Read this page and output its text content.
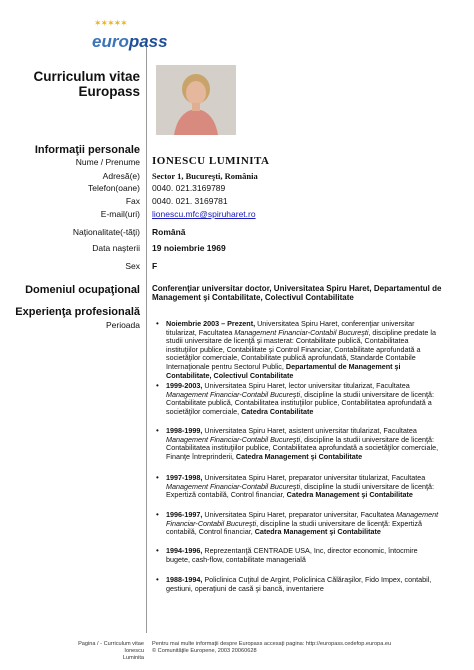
✶✶✶✶✶
europass
Curriculum vitae
Europass
Informaţii personale
Nume / Prenume IONESCU LUMINITA
Adresă(e) Sector 1, Bucureşti, România
Telefon(oane) 0040. 021.3169789
Fax 0040. 021. 3169781
E-mail(uri) lionescu.mfc@spiruharet.ro
Naţionalitate(-tăţi) Română
Data naşterii 19 noiembrie 1969
Sex F
Domeniul ocupaţional Conferenţiar universitar doctor, Universitatea Spiru Haret, Departamentul de Management şi Contabilitate, Colectivul Contabilitate
Experienţa profesională
Perioada • Noiembrie 2003 – Prezent, Universitatea Spiru Haret, conferenţiar universitar titularizat, Facultatea Management Financiar-Contabil Bucureşti, discipline predate la studii universitare de licenţă şi masterat: Contabilitate publică, Contabilitatea instituţiilor publice, Contabilitate şi Control Financiar, Contabilitate aprofundată a societăţilor comerciale, Contabilitate publică aprofundată, Standarde Contabile Internaţionale pentru Sectorul Public, Departamentul de Management şi Contabilitate, Colectivul Contabilitate
• 1999-2003, Universitatea Spiru Haret, lector universitar titularizat, Facultatea Management Financiar-Contabil Bucureşti, discipline la studii universitare de licenţă: Contabilitate publică, Contabilitatea instituţiilor publice, Contabilitatea aprofundată a societăţilor comerciale, Catedra Contabilitate
• 1998-1999, Universitatea Spiru Haret, asistent universitar titularizat, Facultatea Management Financiar-Contabil Bucureşti, discipline la studii universitare de licenţă: Contabilitatea instituţiilor publice, Contabilitatea aprofundată a societăţilor comerciale, Finanţe întreprinderii, Catedra Management şi Contabilitate
• 1997-1998, Universitatea Spiru Haret, preparator universitar titularizat, Facultatea Management Financiar-Contabil Bucureşti, discipline la studii universitare de licenţă: Expertiză contabilă, Control financiar, Catedra Management şi Contabilitate
• 1996-1997, Universitatea Spiru Haret, preparator universitar, Facultatea Management Financiar-Contabil Bucureşti, discipline la studii universitare de licenţă: Expertiză contabilă, Control financiar, Catedra Management şi Contabilitate
• 1994-1996, Reprezentanţă CENTRADE USA, Inc, director economic, întocmire bugete, cash-flow, contabilitate managerială
• 1988-1994, Policlinica Cuţitul de Argint, Policlinica Călăraşilor, Fido Impex, contabil, gestiuni, operaţiuni de casă şi bancă, inventariere
Pagina / - Curriculum vitae Ionescu
Luminita
Pentru mai multe informaţii despre Europass accesaţi pagina: http://europass.cedefop.europa.eu
© Comunităţile Europene, 2003 20060628
